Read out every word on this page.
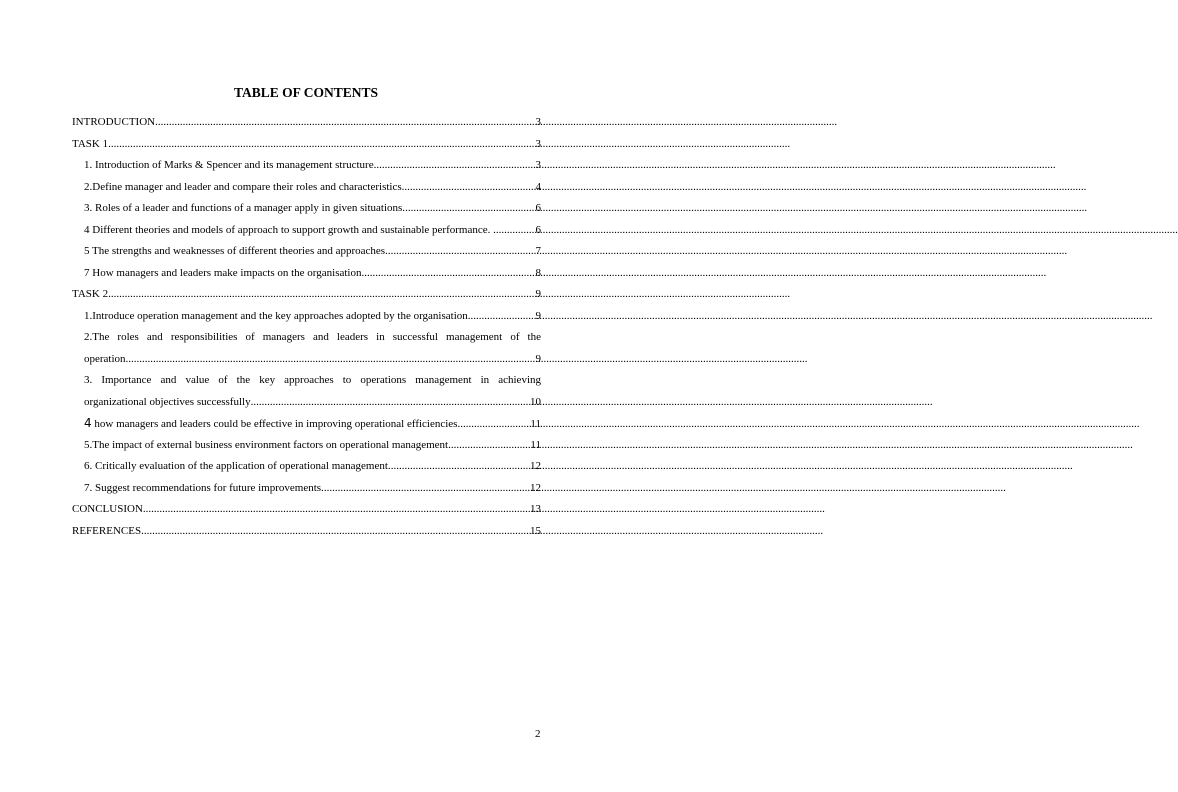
TABLE OF CONTENTS
INTRODUCTION .....	3
TASK 1 .....	3
1. Introduction of Marks & Spencer and its management structure .....	3
2.Define manager and leader and compare their roles and characteristics. .....	4
3. Roles of a leader and functions of a manager apply in given situations. .....	6
4 Different theories and models of approach to support growth and sustainable performance. . .....	6
5 The strengths and weaknesses of different theories and approaches .....	7
7 How managers and leaders make impacts on the organisation. .....	8
TASK 2 .....	9
1.Introduce operation management and the key approaches adopted by the organisation. .....	9
2.The roles and responsibilities of managers and leaders in successful management of the
operation .....	9
3. Importance and value of the key approaches to operations management in achieving
organizational objectives successfully .....	10
4 how managers and leaders could be effective in improving operational efficiencies .....	11
5.The impact of external business environment factors on operational management. .....	11
6. Critically evaluation of the application of operational management. .....	12
7. Suggest recommendations for future improvements. .....	12
CONCLUSION .....	13
REFERENCES .....	15
2
